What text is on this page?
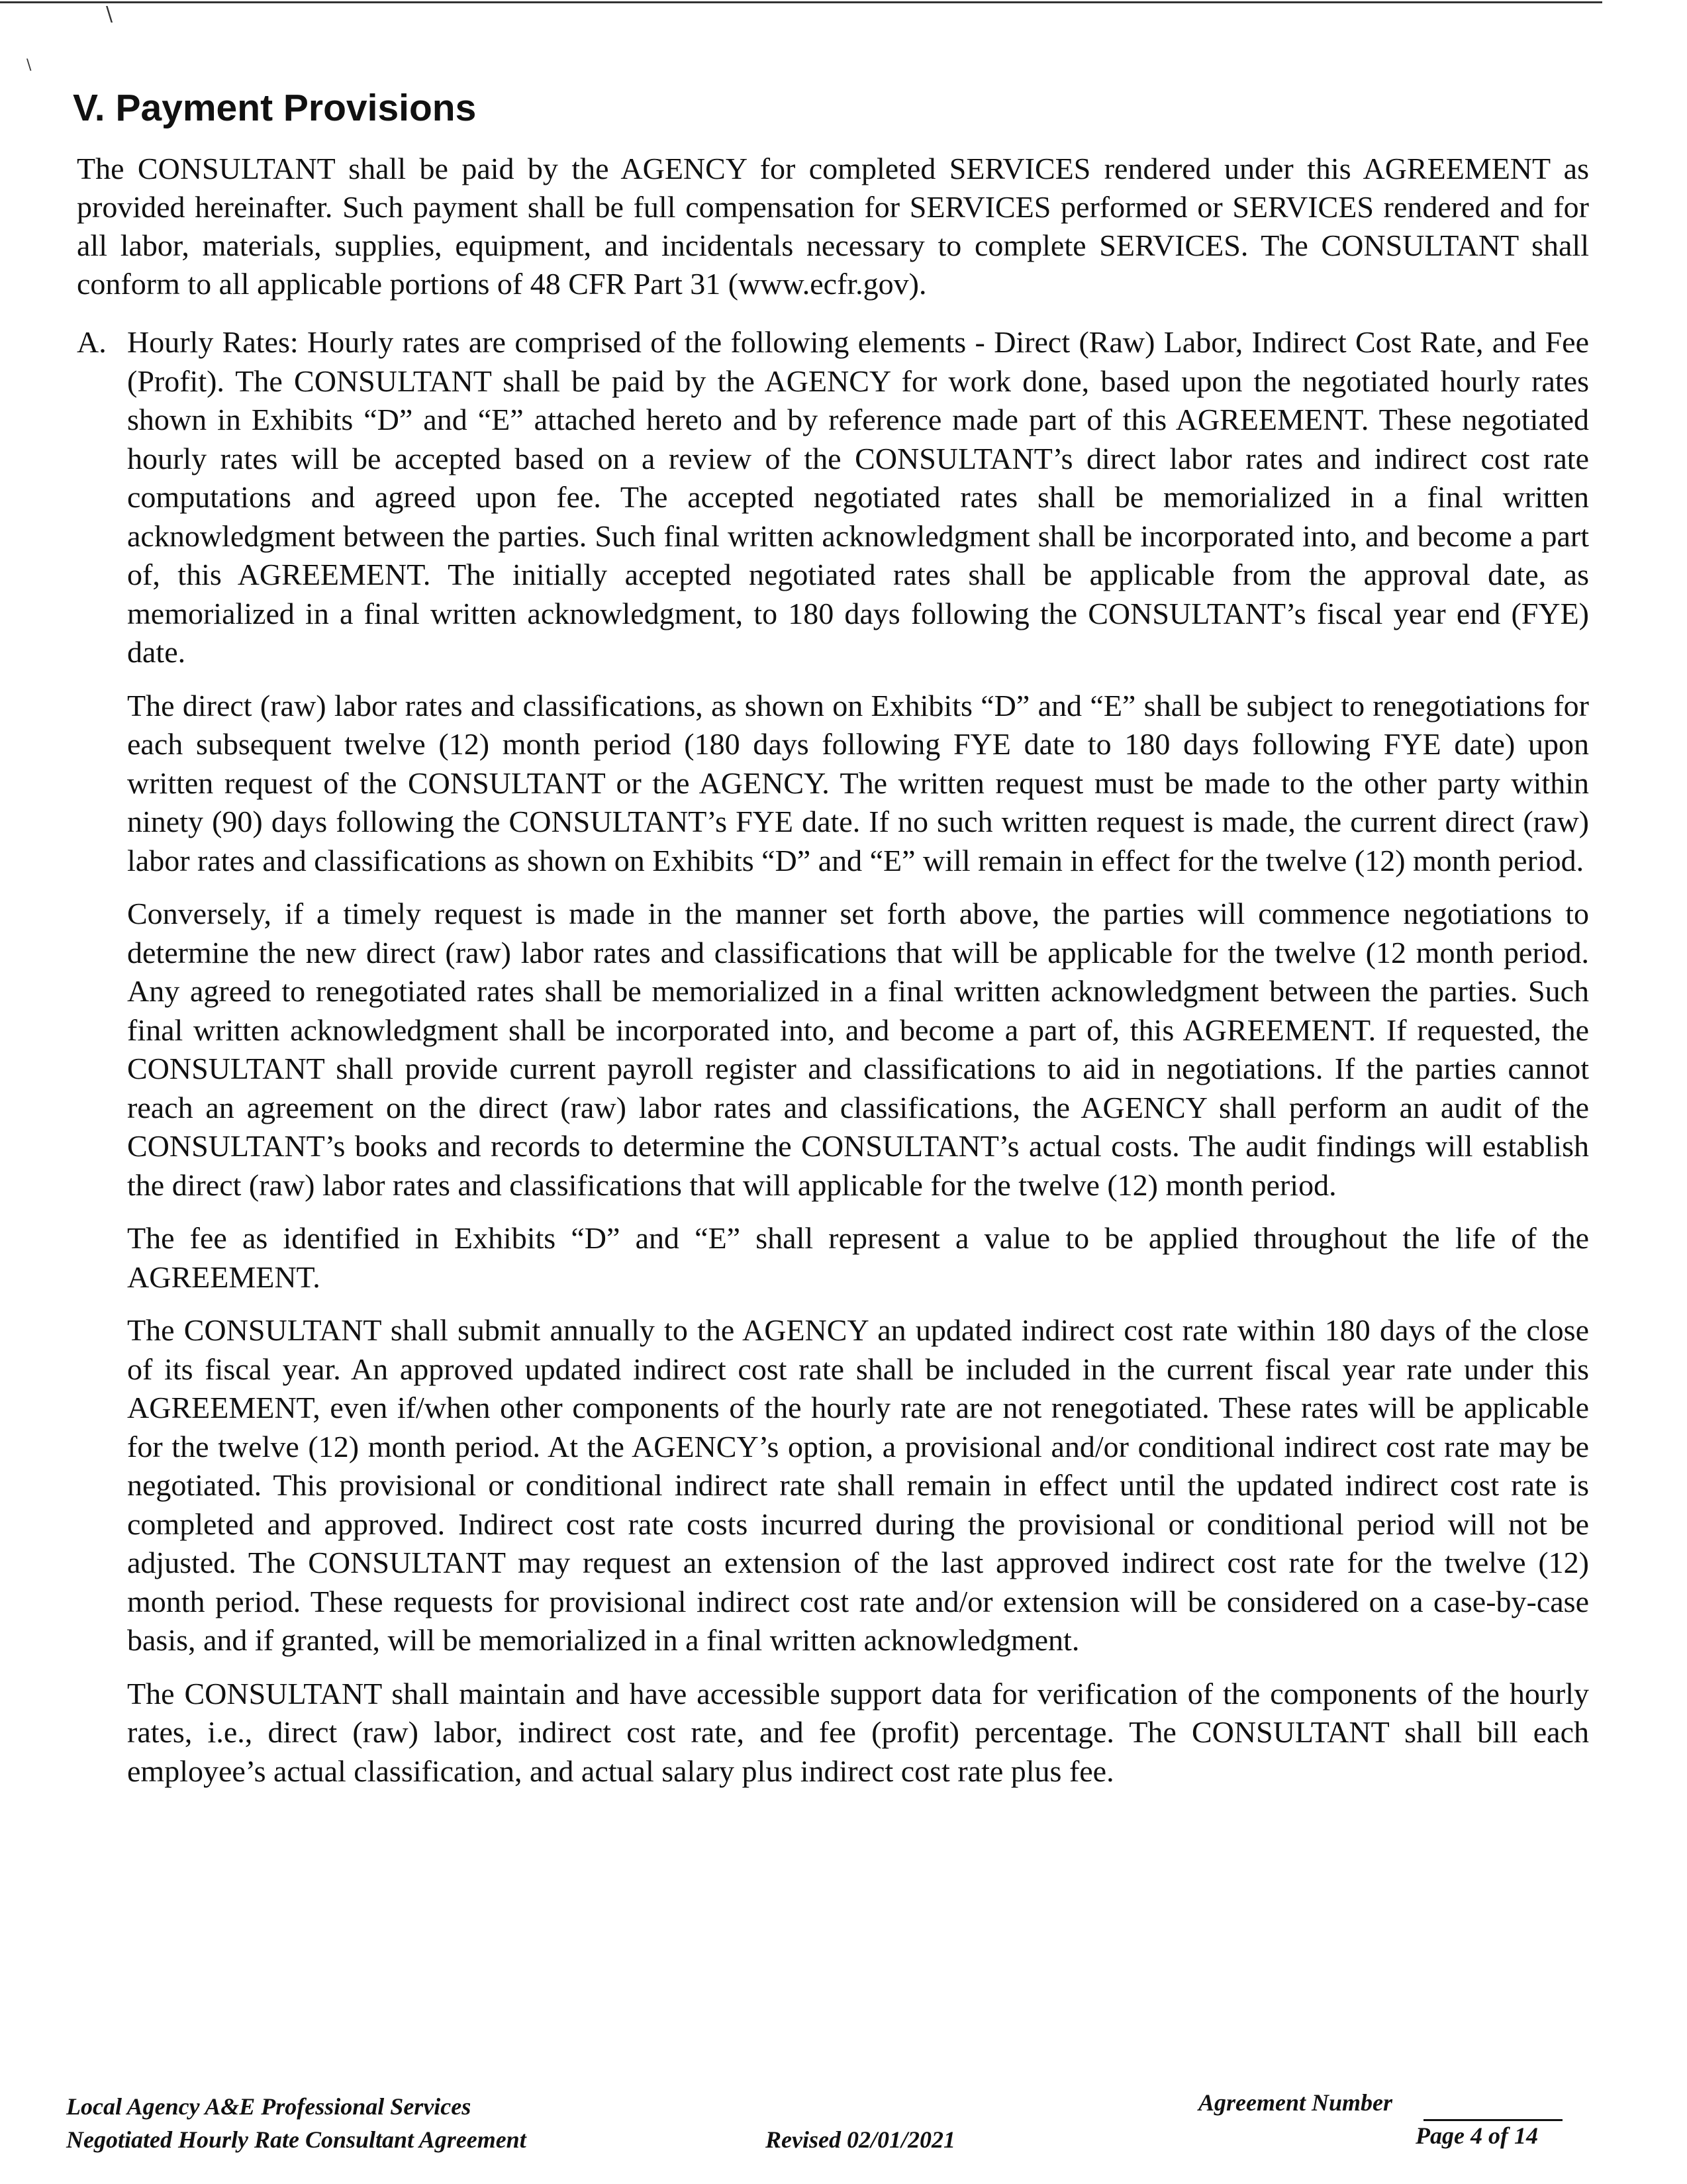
\
\
V. Payment Provisions

The CONSULTANT shall be paid by the AGENCY for completed SERVICES rendered under this AGREEMENT as provided hereinafter. Such payment shall be full compensation for SERVICES performed or SERVICES rendered and for all labor, materials, supplies, equipment, and incidentals necessary to complete SERVICES. The CONSULTANT shall conform to all applicable portions of 48 CFR Part 31 (www.ecfr.gov).

A. Hourly Rates: Hourly rates are comprised of the following elements - Direct (Raw) Labor, Indirect Cost Rate, and Fee (Profit). The CONSULTANT shall be paid by the AGENCY for work done, based upon the negotiated hourly rates shown in Exhibits “D” and “E” attached hereto and by reference made part of this AGREEMENT. These negotiated hourly rates will be accepted based on a review of the CONSULTANT’s direct labor rates and indirect cost rate computations and agreed upon fee. The accepted negotiated rates shall be memorialized in a final written acknowledgment between the parties. Such final written acknowledgment shall be incorporated into, and become a part of, this AGREEMENT. The initially accepted negotiated rates shall be applicable from the approval date, as memorialized in a final written acknowledgment, to 180 days following the CONSULTANT’s fiscal year end (FYE) date.

The direct (raw) labor rates and classifications, as shown on Exhibits “D” and “E” shall be subject to renegotiations for each subsequent twelve (12) month period (180 days following FYE date to 180 days following FYE date) upon written request of the CONSULTANT or the AGENCY. The written request must be made to the other party within ninety (90) days following the CONSULTANT’s FYE date. If no such written request is made, the current direct (raw) labor rates and classifications as shown on Exhibits “D” and “E” will remain in effect for the twelve (12) month period.

Conversely, if a timely request is made in the manner set forth above, the parties will commence negotiations to determine the new direct (raw) labor rates and classifications that will be applicable for the twelve (12 month period. Any agreed to renegotiated rates shall be memorialized in a final written acknowledgment between the parties. Such final written acknowledgment shall be incorporated into, and become a part of, this AGREEMENT. If requested, the CONSULTANT shall provide current payroll register and classifications to aid in negotiations. If the parties cannot reach an agreement on the direct (raw) labor rates and classifications, the AGENCY shall perform an audit of the CONSULTANT’s books and records to determine the CONSULTANT’s actual costs. The audit findings will establish the direct (raw) labor rates and classifications that will applicable for the twelve (12) month period.

The fee as identified in Exhibits “D” and “E” shall represent a value to be applied throughout the life of the AGREEMENT.

The CONSULTANT shall submit annually to the AGENCY an updated indirect cost rate within 180 days of the close of its fiscal year. An approved updated indirect cost rate shall be included in the current fiscal year rate under this AGREEMENT, even if/when other components of the hourly rate are not renegotiated. These rates will be applicable for the twelve (12) month period. At the AGENCY’s option, a provisional and/or conditional indirect cost rate may be negotiated. This provisional or conditional indirect rate shall remain in effect until the updated indirect cost rate is completed and approved. Indirect cost rate costs incurred during the provisional or conditional period will not be adjusted. The CONSULTANT may request an extension of the last approved indirect cost rate for the twelve (12) month period. These requests for provisional indirect cost rate and/or extension will be considered on a case-by-case basis, and if granted, will be memorialized in a final written acknowledgment.

The CONSULTANT shall maintain and have accessible support data for verification of the components of the hourly rates, i.e., direct (raw) labor, indirect cost rate, and fee (profit) percentage. The CONSULTANT shall bill each employee’s actual classification, and actual salary plus indirect cost rate plus fee.

Local Agency A&E Professional Services
Negotiated Hourly Rate Consultant Agreement	Revised 02/01/2021
Agreement Number
Page 4 of 14
